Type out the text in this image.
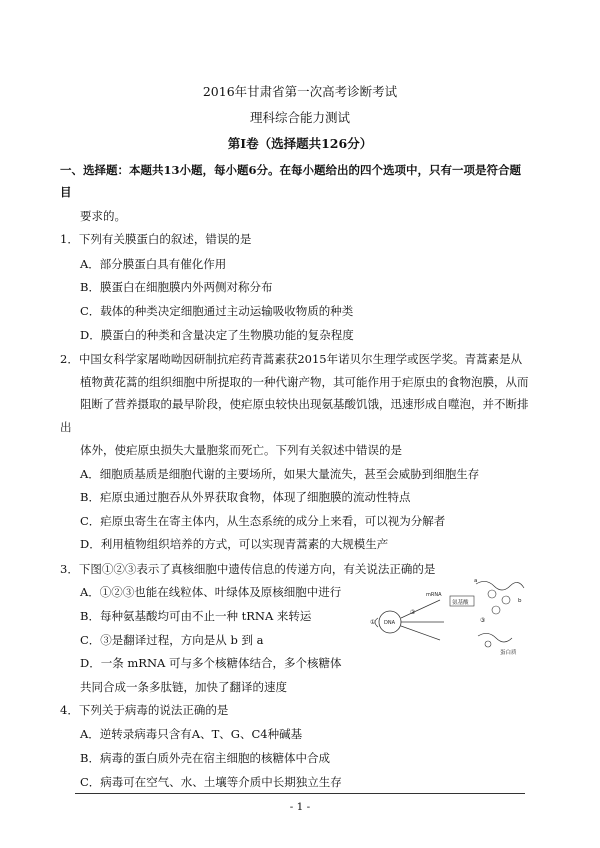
2016年甘肃省第一次高考诊断考试
理科综合能力测试
第Ⅰ卷（选择题共126分）
一、选择题：本题共13小题，每小题6分。在每小题给出的四个选项中，只有一项是符合题
目
要求的。
1．下列有关膜蛋白的叙述，错误的是
A．部分膜蛋白具有催化作用
B．膜蛋白在细胞膜内外两侧对称分布
C．载体的种类决定细胞通过主动运输吸收物质的种类
D．膜蛋白的种类和含量决定了生物膜功能的复杂程度
2．中国女科学家屠呦呦因研制抗疟药青蒿素获2015年诺贝尔生理学或医学奖。青蒿素是从
植物黄花蒿的组织细胞中所提取的一种代谢产物，其可能作用于疟原虫的食物泡膜，从而
阻断了营养摄取的最早阶段，使疟原虫较快出现氨基酸饥饿，迅速形成自噬泡，并不断排
出
体外，使疟原虫损失大量胞浆而死亡。下列有关叙述中错误的是
A．细胞质基质是细胞代谢的主要场所，如果大量流失，甚至会威胁到细胞生存
B．疟原虫通过胞吞从外界获取食物，体现了细胞膜的流动性特点
C．疟原虫寄生在寄主体内，从生态系统的成分上来看，可以视为分解者
D．利用植物组织培养的方式，可以实现青蒿素的大规模生产
3．下图①②③表示了真核细胞中遗传信息的传递方向，有关说法正确的是
A．①②③也能在线粒体、叶绿体及原核细胞中进行
B．每种氨基酸均可由不止一种 tRNA 来转运
C．③是翻译过程，方向是从 b 到 a
D．一条 mRNA 可与多个核糖体结合，多个核糖体
共同合成一条多肽链，加快了翻译的速度
DNA
①
②
mRNA
氨基酸
a
b
③
蛋白质
4．下列关于病毒的说法正确的是
- 1 -
A．逆转录病毒只含有A、T、G、C4种碱基
B．病毒的蛋白质外壳在宿主细胞的核糖体中合成
C．病毒可在空气、水、土壤等介质中长期独立生存
